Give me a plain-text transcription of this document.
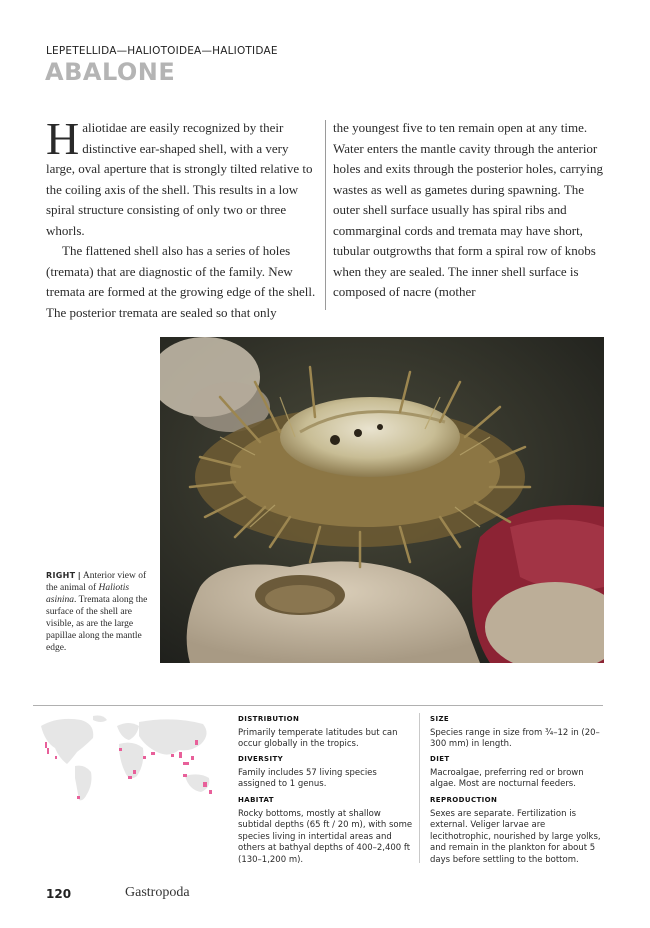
LEPETELLIDA—HALIOTOIDEA—HALIOTIDAE
ABALONE

Haliotidae are easily recognized by their distinctive ear-shaped shell, with a very large, oval aperture that is strongly tilted relative to the coiling axis of the shell. This results in a low spiral structure consisting of only two or three whorls.

The flattened shell also has a series of holes (tremata) that are diagnostic of the family. New tremata are formed at the growing edge of the shell. The posterior tremata are sealed so that only

the youngest five to ten remain open at any time. Water enters the mantle cavity through the anterior holes and exits through the posterior holes, carrying wastes as well as gametes during spawning. The outer shell surface usually has spiral ribs and commarginal cords and tremata may have short, tubular outgrowths that form a spiral row of knobs when they are sealed. The inner shell surface is composed of nacre (mother

RIGHT | Anterior view of the animal of Haliotis asinina. Tremata along the surface of the shell are visible, as are the large papillae along the mantle edge.
DISTRIBUTION
Primarily temperate latitudes but can occur globally in the tropics.
DIVERSITY
Family includes 57 living species assigned to 1 genus.
HABITAT
Rocky bottoms, mostly at shallow subtidal depths (65 ft / 20 m), with some species living in intertidal areas and others at bathyal depths of 400–2,400 ft (130–1,200 m).
SIZE
Species range in size from ¾–12 in (20–300 mm) in length.
DIET
Macroalgae, preferring red or brown algae. Most are nocturnal feeders.
REPRODUCTION
Sexes are separate. Fertilization is external. Veliger larvae are lecithotrophic, nourished by large yolks, and remain in the plankton for about 5 days before settling to the bottom.
120	Gastropoda
